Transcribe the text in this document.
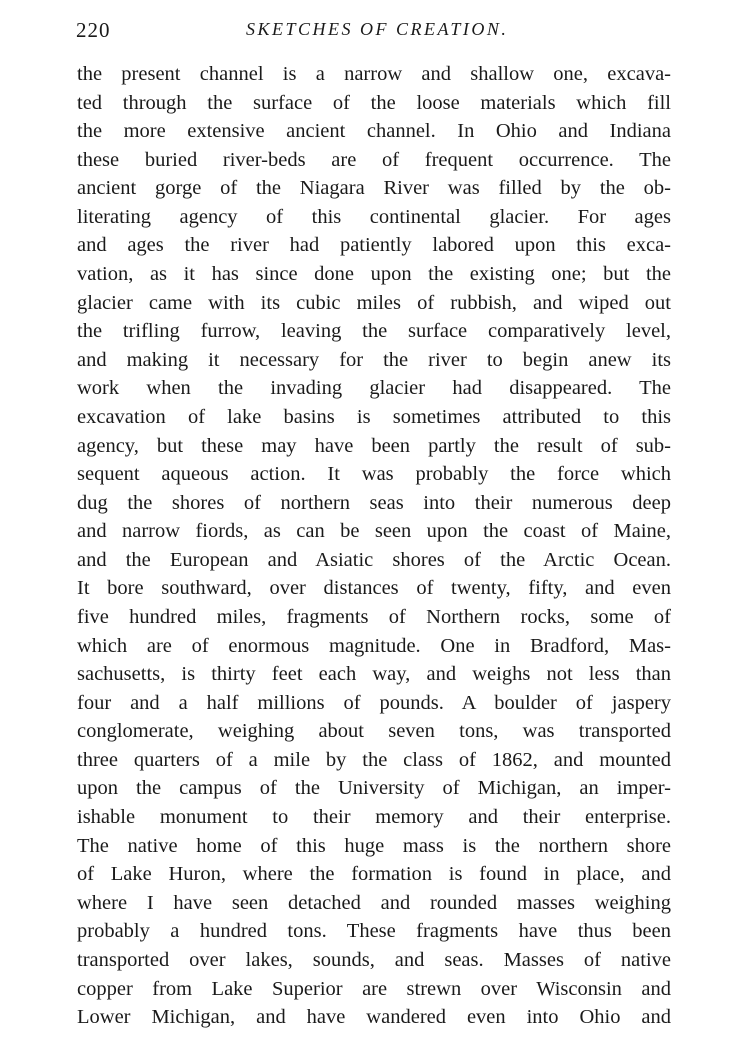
220	SKETCHES OF CREATION.
the present channel is a narrow and shallow one, excava-
ted through the surface of the loose materials which fill
the more extensive ancient channel. In Ohio and Indiana
these buried river-beds are of frequent occurrence. The
ancient gorge of the Niagara River was filled by the ob-
literating agency of this continental glacier. For ages
and ages the river had patiently labored upon this exca-
vation, as it has since done upon the existing one; but the
glacier came with its cubic miles of rubbish, and wiped out
the trifling furrow, leaving the surface comparatively level,
and making it necessary for the river to begin anew its
work when the invading glacier had disappeared. The
excavation of lake basins is sometimes attributed to this
agency, but these may have been partly the result of sub-
sequent aqueous action. It was probably the force which
dug the shores of northern seas into their numerous deep
and narrow fiords, as can be seen upon the coast of Maine,
and the European and Asiatic shores of the Arctic Ocean.
It bore southward, over distances of twenty, fifty, and even
five hundred miles, fragments of Northern rocks, some of
which are of enormous magnitude. One in Bradford, Mas-
sachusetts, is thirty feet each way, and weighs not less than
four and a half millions of pounds. A boulder of jaspery
conglomerate, weighing about seven tons, was transported
three quarters of a mile by the class of 1862, and mounted
upon the campus of the University of Michigan, an imper-
ishable monument to their memory and their enterprise.
The native home of this huge mass is the northern shore
of Lake Huron, where the formation is found in place, and
where I have seen detached and rounded masses weighing
probably a hundred tons. These fragments have thus been
transported over lakes, sounds, and seas. Masses of native
copper from Lake Superior are strewn over Wisconsin and
Lower Michigan, and have wandered even into Ohio and
